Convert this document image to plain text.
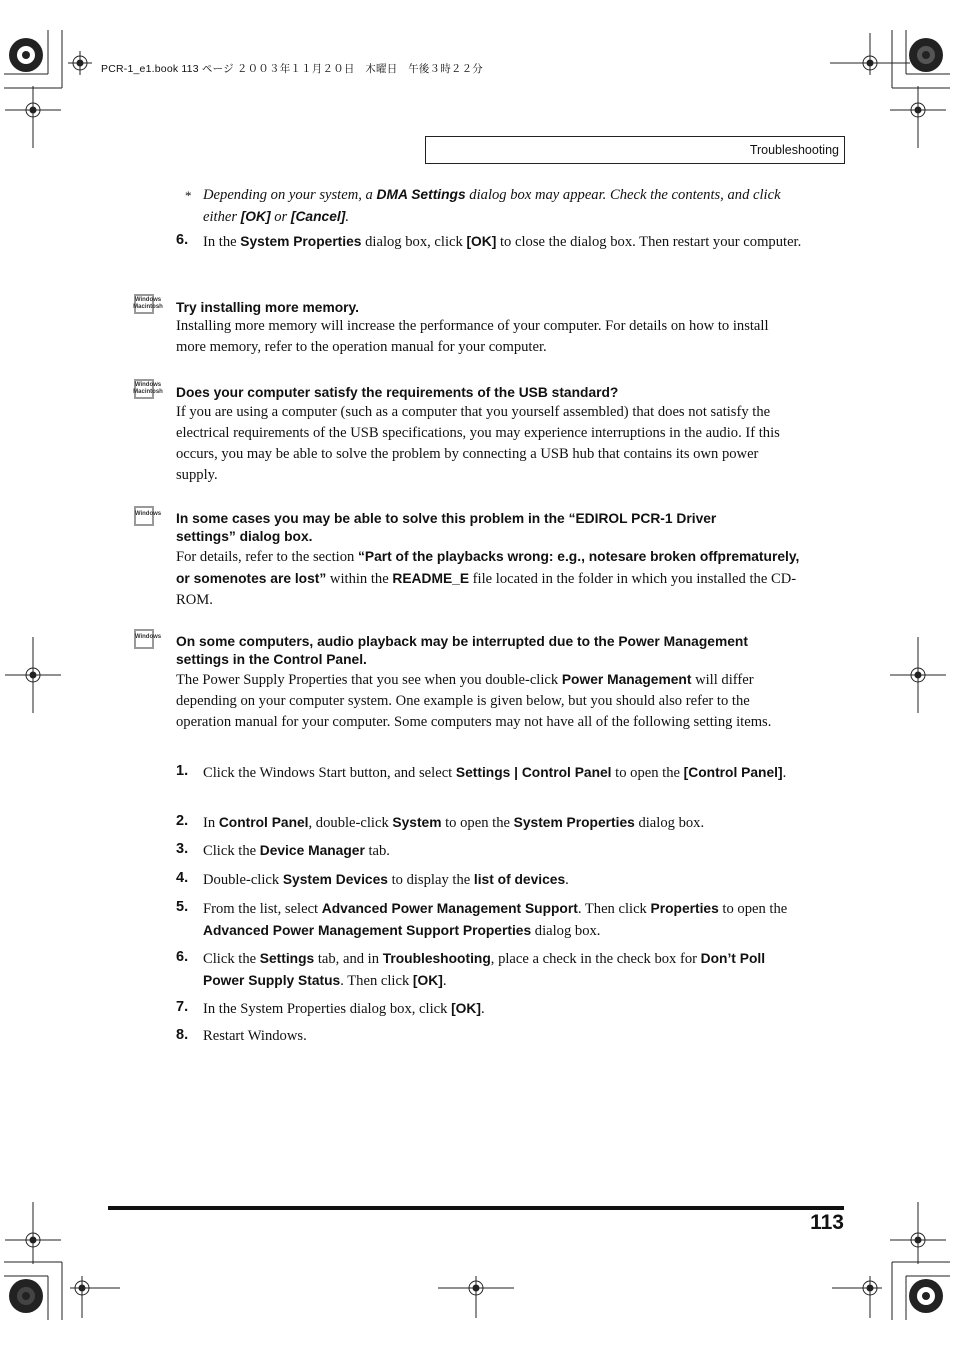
PCR-1_e1.book 113 ページ ２００３年１１月２０日　木曜日　午後３時２２分
Troubleshooting
* Depending on your system, a DMA Settings dialog box may appear. Check the contents, and click either [OK] or [Cancel].
6. In the System Properties dialog box, click [OK] to close the dialog box. Then restart your computer.
Windows
Macintosh Try installing more memory.
Installing more memory will increase the performance of your computer. For details on how to install more memory, refer to the operation manual for your computer.
Windows
Macintosh Does your computer satisfy the requirements of the USB standard?
If you are using a computer (such as a computer that you yourself assembled) that does not satisfy the electrical requirements of the USB specifications, you may experience interruptions in the audio. If this occurs, you may be able to solve the problem by connecting a USB hub that contains its own power supply.
Windows In some cases you may be able to solve this problem in the “EDIROL PCR-1 Driver settings” dialog box.
For details, refer to the section “Part of the playbacks wrong: e.g., notesare broken offprematurely, or somenotes are lost” within the README_E file located in the folder in which you installed the CD-ROM.
Windows On some computers, audio playback may be interrupted due to the Power Management settings in the Control Panel.
The Power Supply Properties that you see when you double-click Power Management will differ depending on your computer system. One example is given below, but you should also refer to the operation manual for your computer. Some computers may not have all of the following setting items.
1. Click the Windows Start button, and select Settings | Control Panel to open the [Control Panel].
2. In Control Panel, double-click System to open the System Properties dialog box.
3. Click the Device Manager tab.
4. Double-click System Devices to display the list of devices.
5. From the list, select Advanced Power Management Support. Then click Properties to open the Advanced Power Management Support Properties dialog box.
6. Click the Settings tab, and in Troubleshooting, place a check in the check box for Don’t Poll Power Supply Status. Then click [OK].
7. In the System Properties dialog box, click [OK].
8. Restart Windows.
113
